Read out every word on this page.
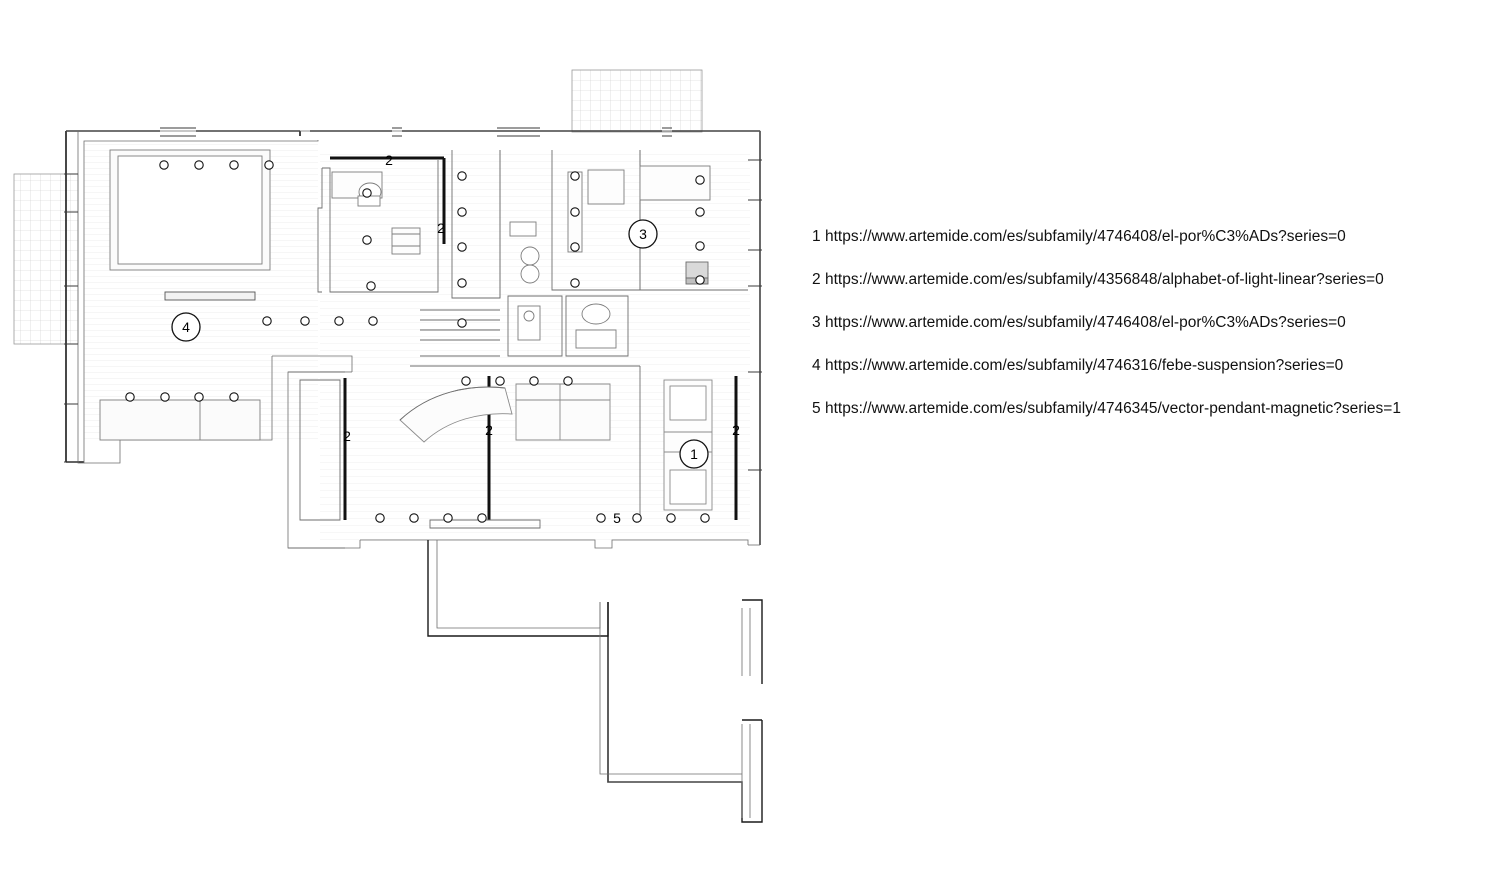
4
3
1
2
2
2	2	2
5
1 https://www.artemide.com/es/subfamily/4746408/el-por%C3%ADs?series=0
2 https://www.artemide.com/es/subfamily/4356848/alphabet-of-light-linear?series=0
3 https://www.artemide.com/es/subfamily/4746408/el-por%C3%ADs?series=0
4 https://www.artemide.com/es/subfamily/4746316/febe-suspension?series=0
5 https://www.artemide.com/es/subfamily/4746345/vector-pendant-magnetic?series=1
